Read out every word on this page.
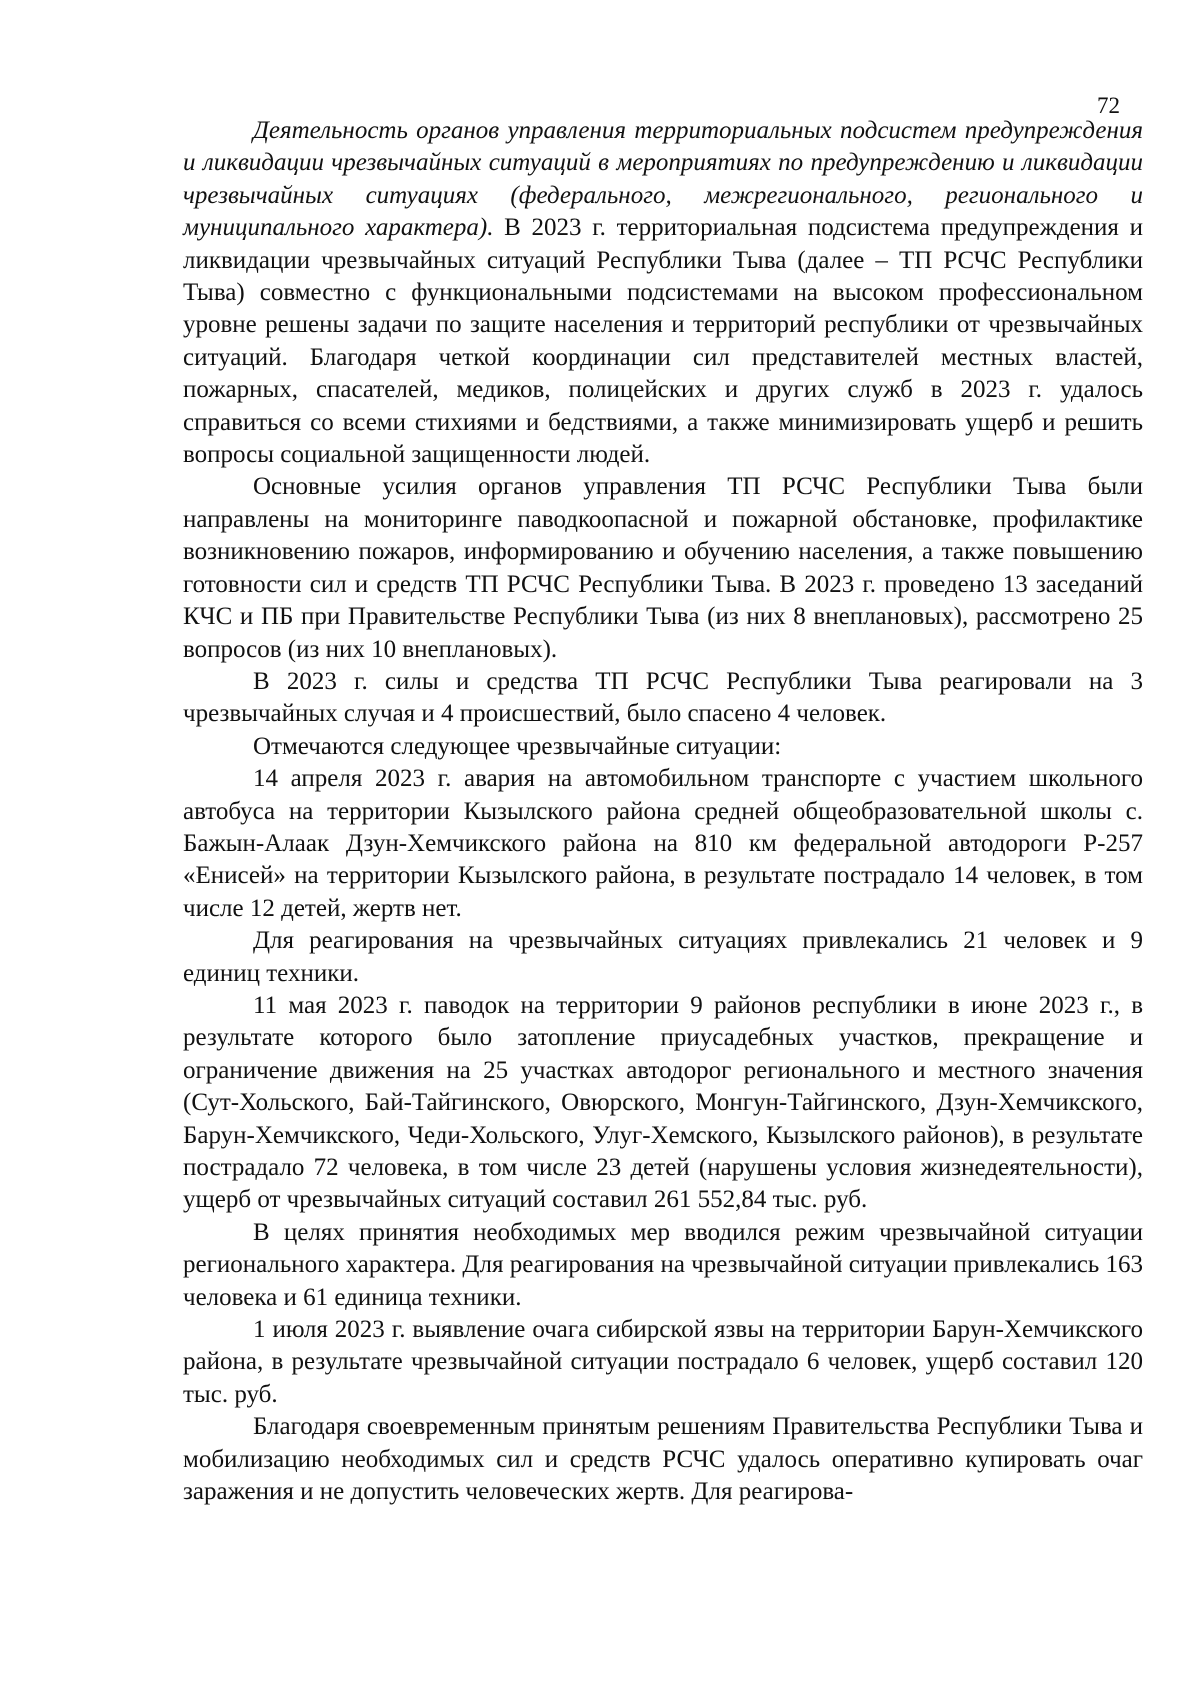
72

Деятельность органов управления территориальных подсистем предупреждения и ликвидации чрезвычайных ситуаций в мероприятиях по предупреждению и ликвидации чрезвычайных ситуациях (федерального, межрегионального, регионального и муниципального характера). В 2023 г. территориальная подсистема предупреждения и ликвидации чрезвычайных ситуаций Республики Тыва (далее – ТП РСЧС Республики Тыва) совместно с функциональными подсистемами на высоком профессиональном уровне решены задачи по защите населения и территорий республики от чрезвычайных ситуаций. Благодаря четкой координации сил представителей местных властей, пожарных, спасателей, медиков, полицейских и других служб в 2023 г. удалось справиться со всеми стихиями и бедствиями, а также минимизировать ущерб и решить вопросы социальной защищенности людей.

Основные усилия органов управления ТП РСЧС Республики Тыва были направлены на мониторинге паводкоопасной и пожарной обстановке, профилактике возникновению пожаров, информированию и обучению населения, а также повышению готовности сил и средств ТП РСЧС Республики Тыва. В 2023 г. проведено 13 заседаний КЧС и ПБ при Правительстве Республики Тыва (из них 8 внеплановых), рассмотрено 25 вопросов (из них 10 внеплановых).

В 2023 г. силы и средства ТП РСЧС Республики Тыва реагировали на 3 чрезвычайных случая и 4 происшествий, было спасено 4 человек.

Отмечаются следующее чрезвычайные ситуации:

14 апреля 2023 г. авария на автомобильном транспорте с участием школьного автобуса на территории Кызылского района средней общеобразовательной школы с. Бажын-Алаак Дзун-Хемчикского района на 810 км федеральной автодороги Р-257 «Енисей» на территории Кызылского района, в результате пострадало 14 человек, в том числе 12 детей, жертв нет.

Для реагирования на чрезвычайных ситуациях привлекались 21 человек и 9 единиц техники.

11 мая 2023 г. паводок на территории 9 районов республики в июне 2023 г., в результате которого было затопление приусадебных участков, прекращение и ограничение движения на 25 участках автодорог регионального и местного значения (Сут-Хольского, Бай-Тайгинского, Овюрского, Монгун-Тайгинского, Дзун-Хемчикского, Барун-Хемчикского, Чеди-Хольского, Улуг-Хемского, Кызылского районов), в результате пострадало 72 человека, в том числе 23 детей (нарушены условия жизнедеятельности), ущерб от чрезвычайных ситуаций составил 261 552,84 тыс. руб.

В целях принятия необходимых мер вводился режим чрезвычайной ситуации регионального характера. Для реагирования на чрезвычайной ситуации привлекались 163 человека и 61 единица техники.

1 июля 2023 г. выявление очага сибирской язвы на территории Барун-Хемчикского района, в результате чрезвычайной ситуации пострадало 6 человек, ущерб составил 120 тыс. руб.

Благодаря своевременным принятым решениям Правительства Республики Тыва и мобилизацию необходимых сил и средств РСЧС удалось оперативно купировать очаг заражения и не допустить человеческих жертв. Для реагирова-
